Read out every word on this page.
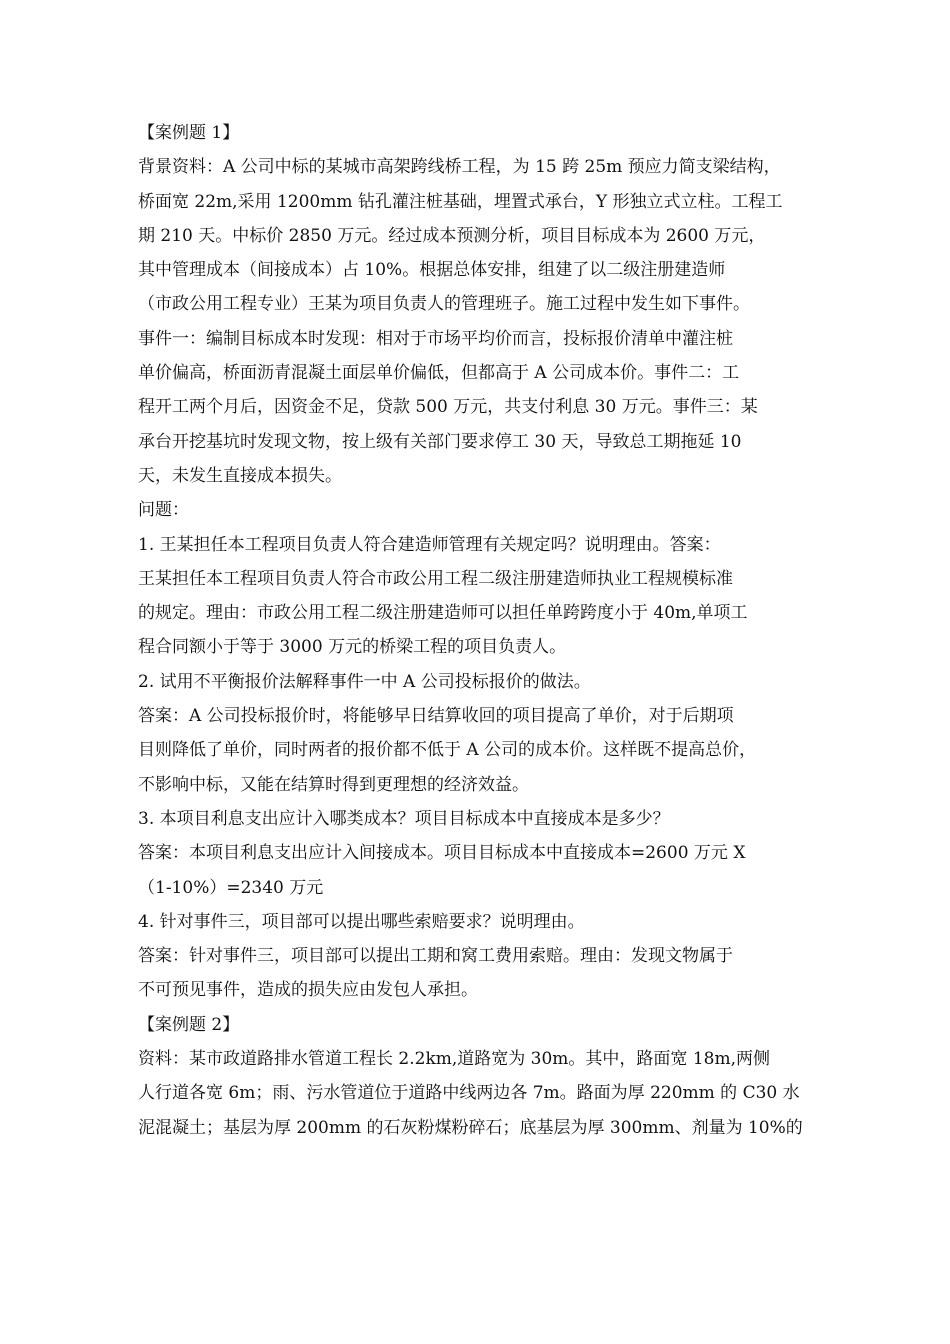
【案例题 1】
背景资料：A 公司中标的某城市高架跨线桥工程，为 15 跨 25m 预应力简支梁结构，
桥面宽 22m,采用 1200mm 钻孔灌注桩基础，埋置式承台，Y 形独立式立柱。工程工
期 210 天。中标价 2850 万元。经过成本预测分析，项目目标成本为 2600 万元，
其中管理成本（间接成本）占 10%。根据总体安排，组建了以二级注册建造师
（市政公用工程专业）王某为项目负责人的管理班子。施工过程中发生如下事件。
事件一：编制目标成本时发现：相对于市场平均价而言，投标报价清单中灌注桩
单价偏高，桥面沥青混凝土面层单价偏低，但都高于 A 公司成本价。事件二：工
程开工两个月后，因资金不足，贷款 500 万元，共支付利息 30 万元。事件三：某
承台开挖基坑时发现文物，按上级有关部门要求停工 30 天，导致总工期拖延 10
天，未发生直接成本损失。
问题：
1. 王某担任本工程项目负责人符合建造师管理有关规定吗？说明理由。答案：
王某担任本工程项目负责人符合市政公用工程二级注册建造师执业工程规模标准
的规定。理由：市政公用工程二级注册建造师可以担任单跨跨度小于 40m,单项工
程合同额小于等于 3000 万元的桥梁工程的项目负责人。
2. 试用不平衡报价法解释事件一中 A 公司投标报价的做法。
答案：A 公司投标报价时，将能够早日结算收回的项目提高了单价，对于后期项
目则降低了单价，同时两者的报价都不低于 A 公司的成本价。这样既不提高总价，
不影响中标，又能在结算时得到更理想的经济效益。
3. 本项目利息支出应计入哪类成本？项目目标成本中直接成本是多少？
答案：本项目利息支出应计入间接成本。项目目标成本中直接成本=2600 万元 X
（1-10%）=2340 万元
4. 针对事件三，项目部可以提出哪些索赔要求？说明理由。
答案：针对事件三，项目部可以提出工期和窝工费用索赔。理由：发现文物属于
不可预见事件，造成的损失应由发包人承担。
【案例题 2】
资料：某市政道路排水管道工程长 2.2km,道路宽为 30m。其中，路面宽 18m,两侧
人行道各宽 6m；雨、污水管道位于道路中线两边各 7m。路面为厚 220mm 的 C30 水
泥混凝土；基层为厚 200mm 的石灰粉煤粉碎石；底基层为厚 300mm、剂量为 10%的
